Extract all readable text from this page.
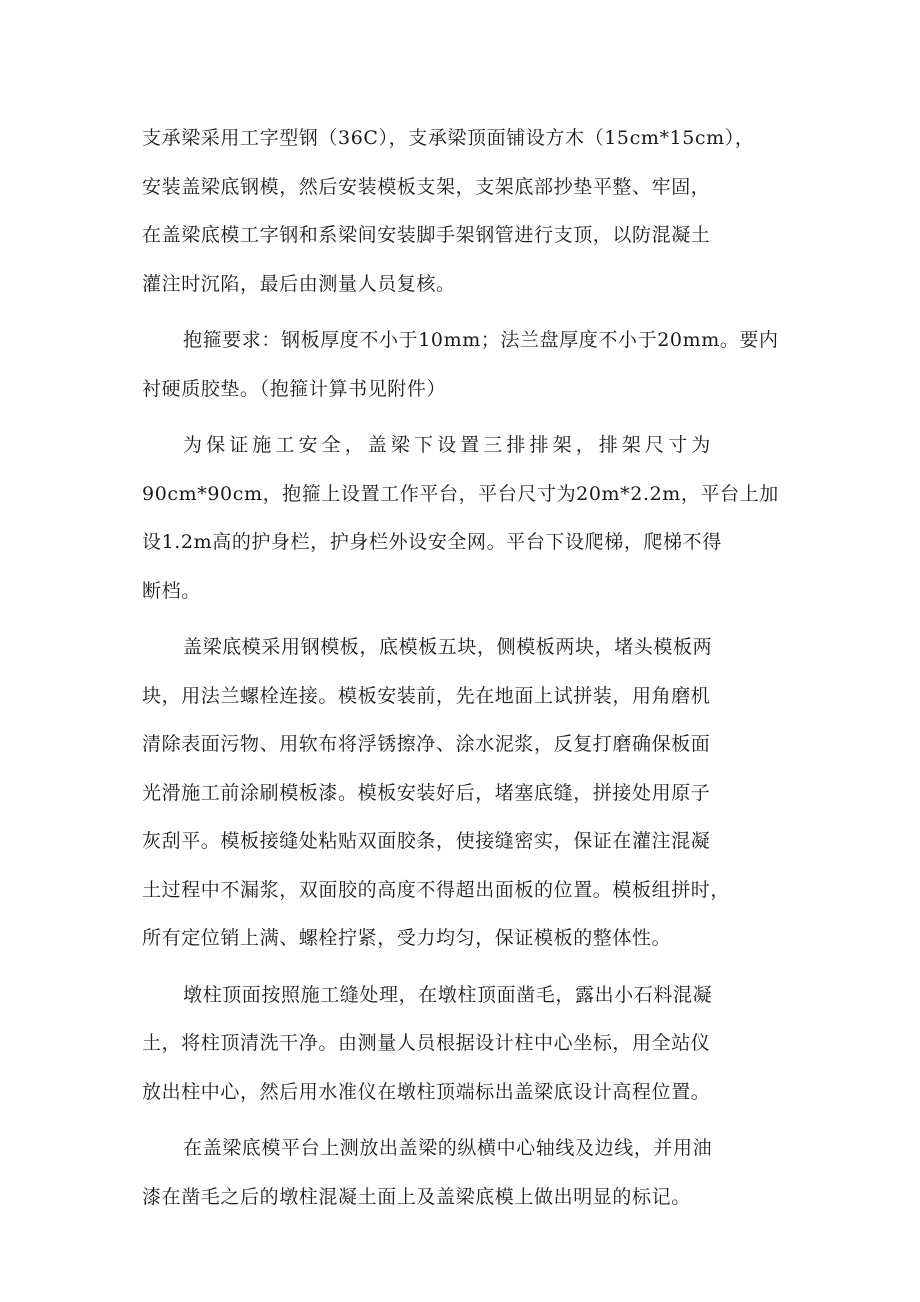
支承梁采用工字型钢（36C），支承梁顶面铺设方木（15cm*15cm），
安装盖梁底钢模，然后安装模板支架，支架底部抄垫平整、牢固，
在盖梁底模工字钢和系梁间安装脚手架钢管进行支顶，以防混凝土
灌注时沉陷，最后由测量人员复核。

抱箍要求：钢板厚度不小于10mm；法兰盘厚度不小于20mm。要内
衬硬质胶垫。（抱箍计算书见附件）

为保证施工安全，盖梁下设置三排排架，排架尺寸为
90cm*90cm，抱箍上设置工作平台，平台尺寸为20m*2.2m，平台上加
设1.2m高的护身栏，护身栏外设安全网。平台下设爬梯，爬梯不得
断档。

盖梁底模采用钢模板，底模板五块，侧模板两块，堵头模板两
块，用法兰螺栓连接。模板安装前，先在地面上试拼装，用角磨机
清除表面污物、用软布将浮锈擦净、涂水泥浆，反复打磨确保板面
光滑施工前涂刷模板漆。模板安装好后，堵塞底缝，拼接处用原子
灰刮平。模板接缝处粘贴双面胶条，使接缝密实，保证在灌注混凝
土过程中不漏浆，双面胶的高度不得超出面板的位置。模板组拼时，
所有定位销上满、螺栓拧紧，受力均匀，保证模板的整体性。

墩柱顶面按照施工缝处理，在墩柱顶面凿毛，露出小石料混凝
土，将柱顶清洗干净。由测量人员根据设计柱中心坐标，用全站仪
放出柱中心，然后用水准仪在墩柱顶端标出盖梁底设计高程位置。

在盖梁底模平台上测放出盖梁的纵横中心轴线及边线，并用油
漆在凿毛之后的墩柱混凝土面上及盖梁底模上做出明显的标记。
